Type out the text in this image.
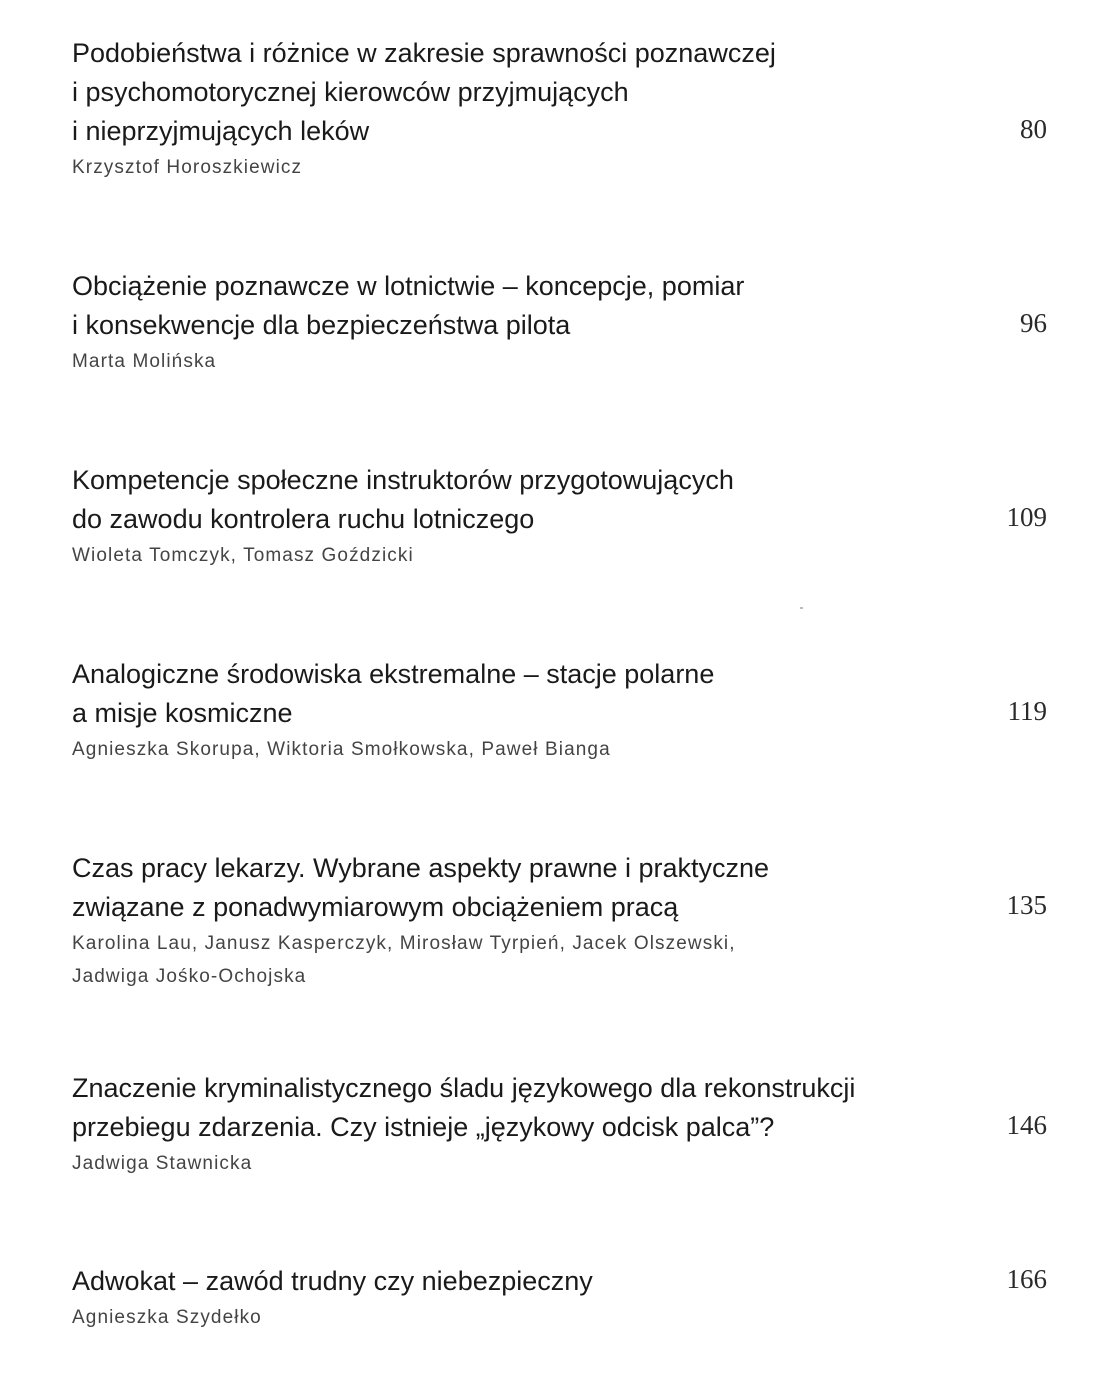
Podobieństwa i różnice w zakresie sprawności poznawczej
i psychomotorycznej kierowców przyjmujących
i nieprzyjmujących leków	80
Krzysztof Horoszkiewicz
Obciążenie poznawcze w lotnictwie – koncepcje, pomiar
i konsekwencje dla bezpieczeństwa pilota	96
Marta Molińska
Kompetencje społeczne instruktorów przygotowujących
do zawodu kontrolera ruchu lotniczego	109
Wioleta Tomczyk, Tomasz Goździcki
Analogiczne środowiska ekstremalne – stacje polarne
a misje kosmiczne	119
Agnieszka Skorupa, Wiktoria Smołkowska, Paweł Bianga
Czas pracy lekarzy. Wybrane aspekty prawne i praktyczne
związane z ponadwymiarowym obciążeniem pracą	135
Karolina Lau, Janusz Kasperczyk, Mirosław Tyrpień, Jacek Olszewski,
Jadwiga Jośko-Ochojska
Znaczenie kryminalistycznego śladu językowego dla rekonstrukcji
przebiegu zdarzenia. Czy istnieje „językowy odcisk palca”?	146
Jadwiga Stawnicka
Adwokat – zawód trudny czy niebezpieczny	166
Agnieszka Szydełko
